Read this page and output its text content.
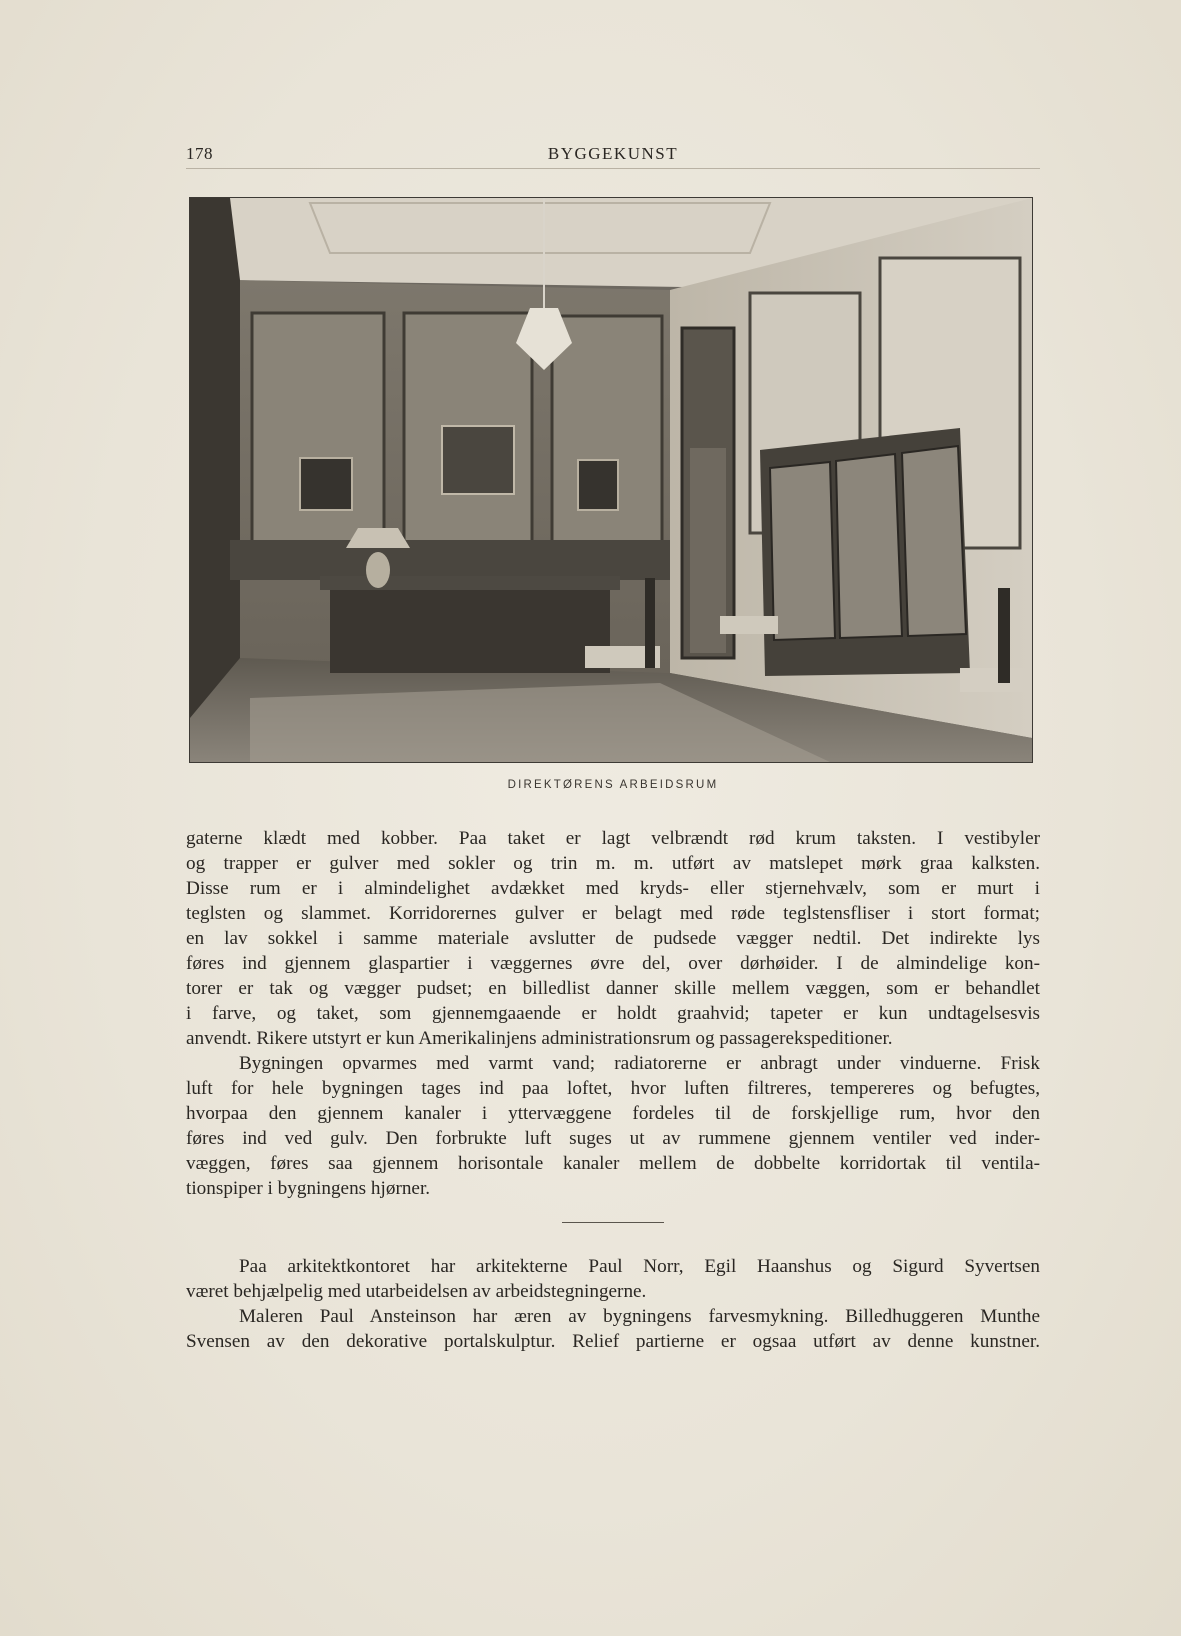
178	BYGGEKUNST
DIREKTØRENS ARBEIDSRUM

gaterne klædt med kobber. Paa taket er lagt velbrændt rød krum taksten. I vestibyler
og trapper er gulver med sokler og trin m. m. utført av matslepet mørk graa kalksten.
Disse rum er i almindelighet avdækket med kryds- eller stjernehvælv, som er murt i
teglsten og slammet. Korridorernes gulver er belagt med røde teglstensfliser i stort format;
en lav sokkel i samme materiale avslutter de pudsede vægger nedtil. Det indirekte lys
føres ind gjennem glaspartier i væggernes øvre del, over dørhøider. I de almindelige kon-
torer er tak og vægger pudset; en billedlist danner skille mellem væggen, som er behandlet
i farve, og taket, som gjennemgaaende er holdt graahvid; tapeter er kun undtagelsesvis
anvendt. Rikere utstyrt er kun Amerikalinjens administrationsrum og passagerekspeditioner.

Bygningen opvarmes med varmt vand; radiatorerne er anbragt under vinduerne. Frisk
luft for hele bygningen tages ind paa loftet, hvor luften filtreres, tempereres og befugtes,
hvorpaa den gjennem kanaler i yttervæggene fordeles til de forskjellige rum, hvor den
føres ind ved gulv. Den forbrukte luft suges ut av rummene gjennem ventiler ved inder-
væggen, føres saa gjennem horisontale kanaler mellem de dobbelte korridortak til ventila-
tionspiper i bygningens hjørner.

Paa arkitektkontoret har arkitekterne Paul Norr, Egil Haanshus og Sigurd Syvertsen
været behjælpelig med utarbeidelsen av arbeidstegningerne.

Maleren Paul Ansteinson har æren av bygningens farvesmykning. Billedhuggeren Munthe
Svensen av den dekorative portalskulptur. Relief partierne er ogsaa utført av denne kunstner.
